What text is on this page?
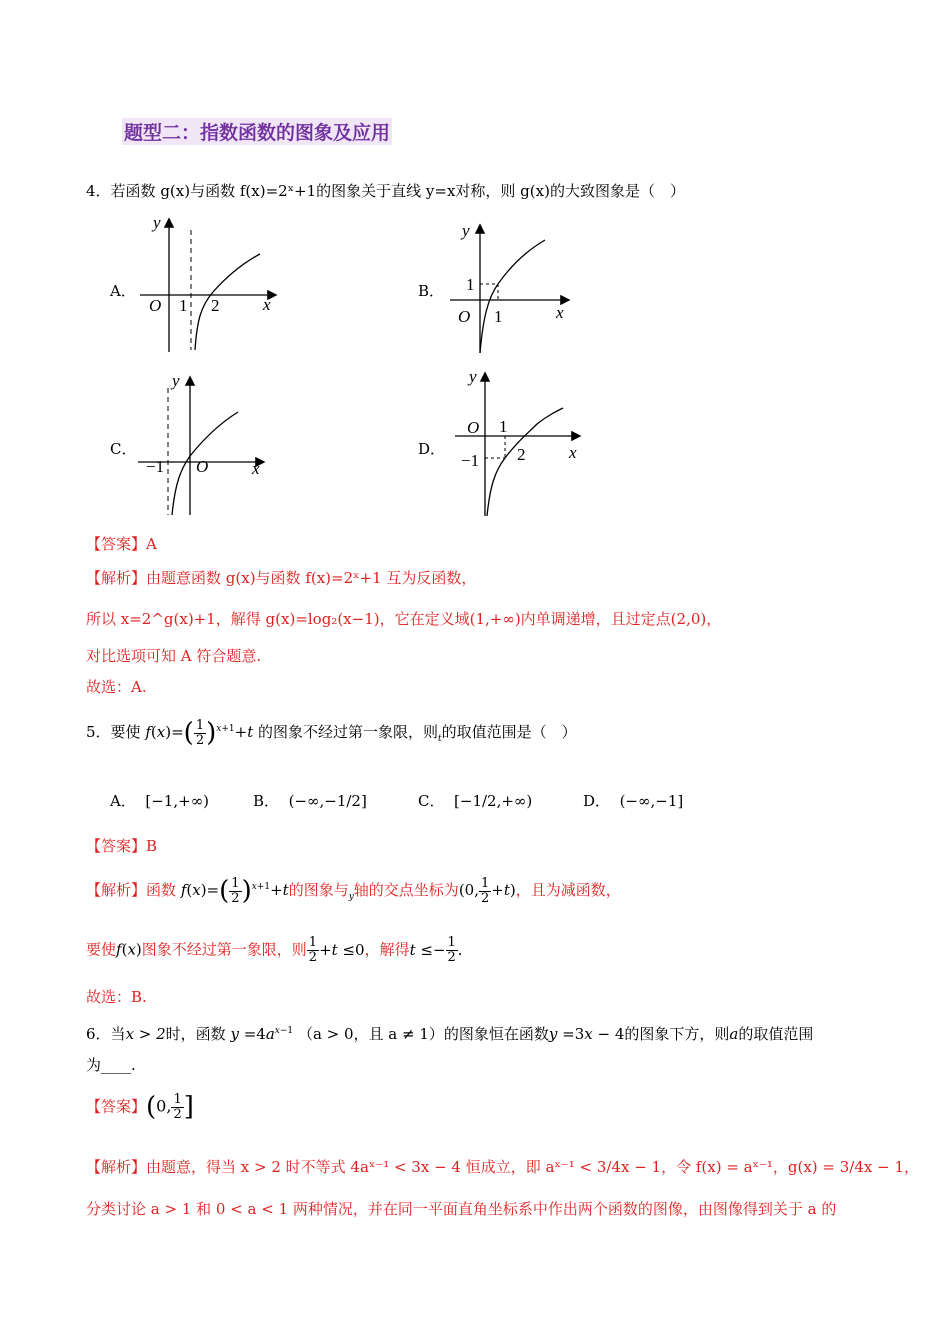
题型二：指数函数的图象及应用
4．若函数 g(x)与函数 f(x)=2ˣ+1的图象关于直线 y=x对称，则 g(x)的大致图象是（　）
A．	B．
C．	D．
y
x
O 1 2
y
x
O
1
1
y
x
O
−1
y
x
O 1
−1 2
【答案】A
【解析】由题意函数 g(x)与函数 f(x)=2ˣ+1 互为反函数，
所以 x=2^g(x)+1，解得 g(x)=log₂(x−1)，它在定义域(1,+∞)内单调递增，且过定点(2,0)，
对比选项可知 A 符合题意.
故选：A.
5．要使 $f(x)=( \frac{1}{2} )^{x+1}+t$ 的图象不经过第一象限，则$_t$的取值范围是（　）
A． [−1,+∞)	B． (−∞,−1/2]	C． [−1/2,+∞)	D． (−∞,−1]
【答案】B
【解析】函数 $f(x)=( \frac{1}{2} )^{x+1}+t$的图象与$_y$轴的交点坐标为(0, $\frac{1}{2} +t$)，且为减函数，
要使f(x)图象不经过第一象限，则 $\frac{1}{2} +t \le 0$，解得$t \le- \frac{1}{2}$ .
故选：B.
6．当x > 2时，函数 $y =4a^{x-1}$ （a > 0，且 a ≠ 1）的图象恒在函数y =3x − 4的图象下方，则a的取值范围
为____.
【答案】(0, $\frac{1}{2}$ ]
【解析】由题意，得当 x > 2 时不等式 4aˣ⁻¹ < 3x − 4 恒成立，即 aˣ⁻¹ < 3/4x − 1，令 f(x) = aˣ⁻¹，g(x) = 3/4x − 1，
分类讨论 a > 1 和 0 < a < 1 两种情况，并在同一平面直角坐标系中作出两个函数的图像，由图像得到关于 a 的
